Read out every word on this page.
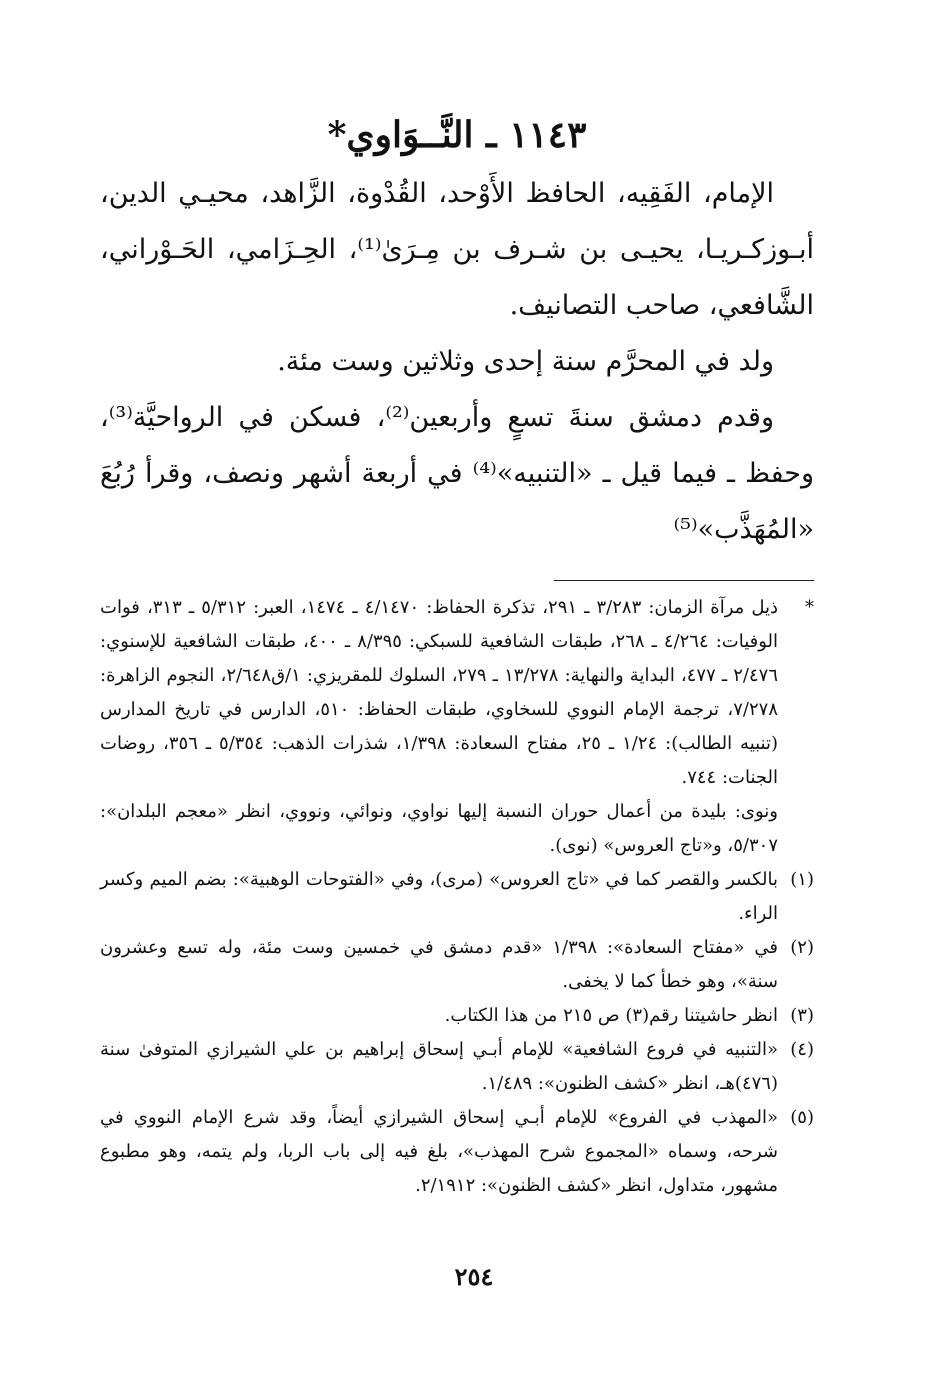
١١٤٣ ـ النَّــوَاوي*

الإمام، الفَقِيه، الحافظ الأَوْحد، القُدْوة، الزَّاهد، محيـي الدين، أبـوزكـريـا، يحيـى بن شـرف بن مِـرَىٰ⁽¹⁾، الحِـزَامي، الحَـوْراني، الشَّافعي، صاحب التصانيف.

ولد في المحرَّم سنة إحدى وثلاثين وست مئة.

وقدم دمشق سنةَ تسعٍ وأربعين⁽²⁾، فسكن في الرواحيَّة⁽³⁾، وحفظ ـ فيما قيل ـ «التنبيه»⁽⁴⁾ في أربعة أشهر ونصف، وقرأ رُبُعَ «المُهَذَّب»⁽⁵⁾

*
ذيل مرآة الزمان: ٣/٢٨٣ ـ ٢٩١، تذكرة الحفاظ: ٤/١٤٧٠ ـ ١٤٧٤، العبر: ٥/٣١٢ ـ ٣١٣، فوات الوفيات: ٤/٢٦٤ ـ ٢٦٨، طبقات الشافعية للسبكي: ٨/٣٩٥ ـ ٤٠٠، طبقات الشافعية للإسنوي: ٢/٤٧٦ ـ ٤٧٧، البداية والنهاية: ١٣/٢٧٨ ـ ٢٧٩، السلوك للمقريزي: ١/ق٢/٦٤٨، النجوم الزاهرة: ٧/٢٧٨، ترجمة الإمام النووي للسخاوي، طبقات الحفاظ: ٥١٠، الدارس في تاريخ المدارس (تنبيه الطالب): ١/٢٤ ـ ٢٥، مفتاح السعادة: ١/٣٩٨، شذرات الذهب: ٥/٣٥٤ ـ ٣٥٦، روضات الجنات: ٧٤٤.
ونوى: بليدة من أعمال حوران النسبة إليها نواوي، ونوائي، ونووي، انظر «معجم البلدان»: ٥/٣٠٧، و«تاج العروس» (نوى).
(١)
بالكسر والقصر كما في «تاج العروس» (مرى)، وفي «الفتوحات الوهبية»: بضم الميم وكسر الراء.
(٢)
في «مفتاح السعادة»: ١/٣٩٨ «قدم دمشق في خمسين وست مئة، وله تسع وعشرون سنة»، وهو خطأ كما لا يخفى.
(٣)
انظر حاشيتنا رقم(٣) ص ٢١٥ من هذا الكتاب.
(٤)
«التنبيه في فروع الشافعية» للإمام أبـي إسحاق إبراهيم بن علي الشيرازي المتوفىٰ سنة (٤٧٦)هـ، انظر «كشف الظنون»: ١/٤٨٩.
(٥)
«المهذب في الفروع» للإمام أبـي إسحاق الشيرازي أيضاً، وقد شرع الإمام النووي في شرحه، وسماه «المجموع شرح المهذب»، بلغ فيه إلى باب الربا، ولم يتمه، وهو مطبوع مشهور، متداول، انظر «كشف الظنون»: ٢/١٩١٢.
٢٥٤
